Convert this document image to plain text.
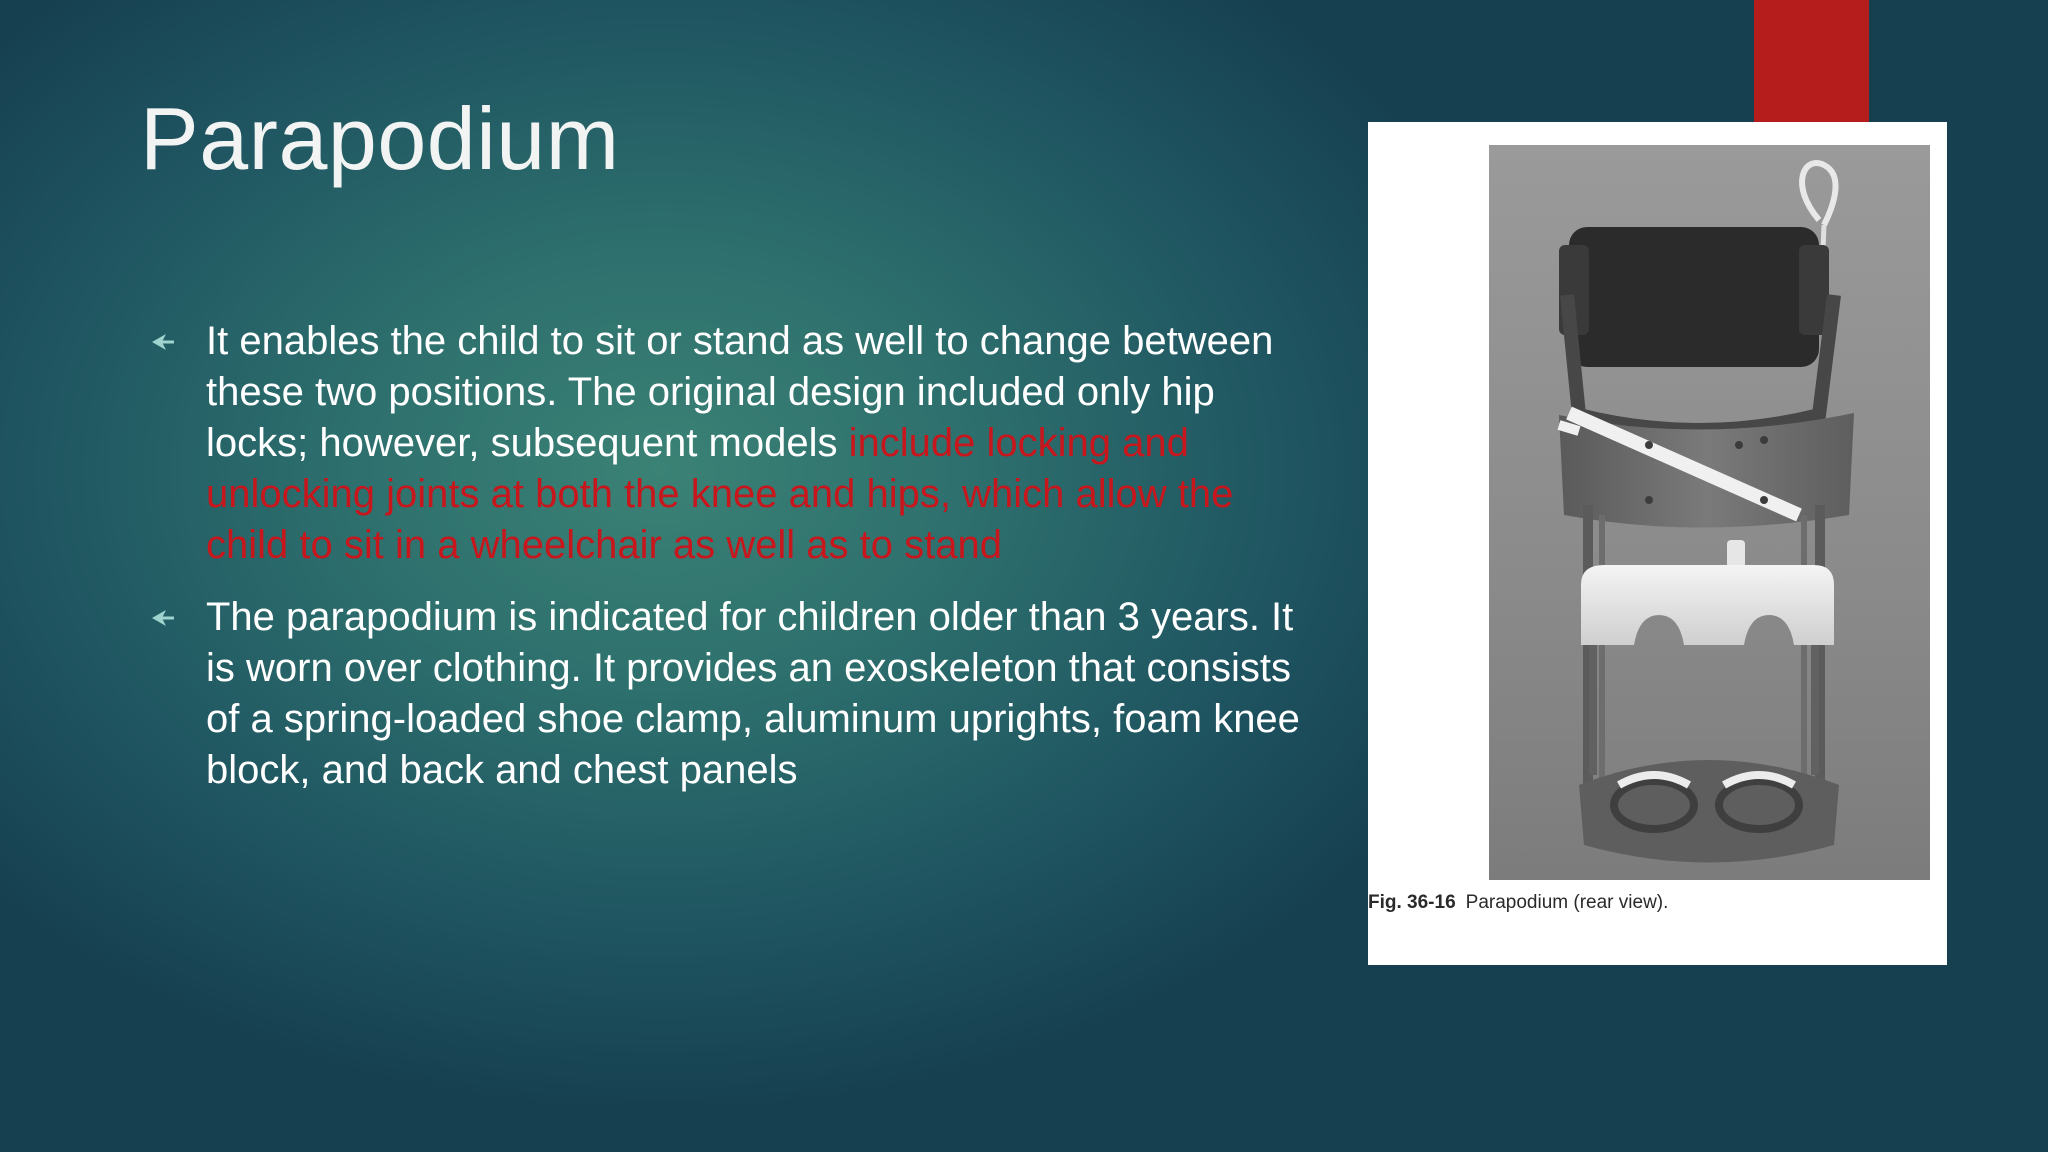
Parapodium
It enables the child to sit or stand as well to change between these two positions. The original design included only hip locks; however, subsequent models include locking and unlocking joints at both the knee and hips, which allow the child to sit in a wheelchair as well as to stand
The parapodium is indicated for children older than 3 years. It is worn over clothing. It provides an exoskeleton that consists of a spring-loaded shoe clamp, aluminum uprights, foam knee block, and back and chest panels
Fig. 36-16 Parapodium (rear view).
